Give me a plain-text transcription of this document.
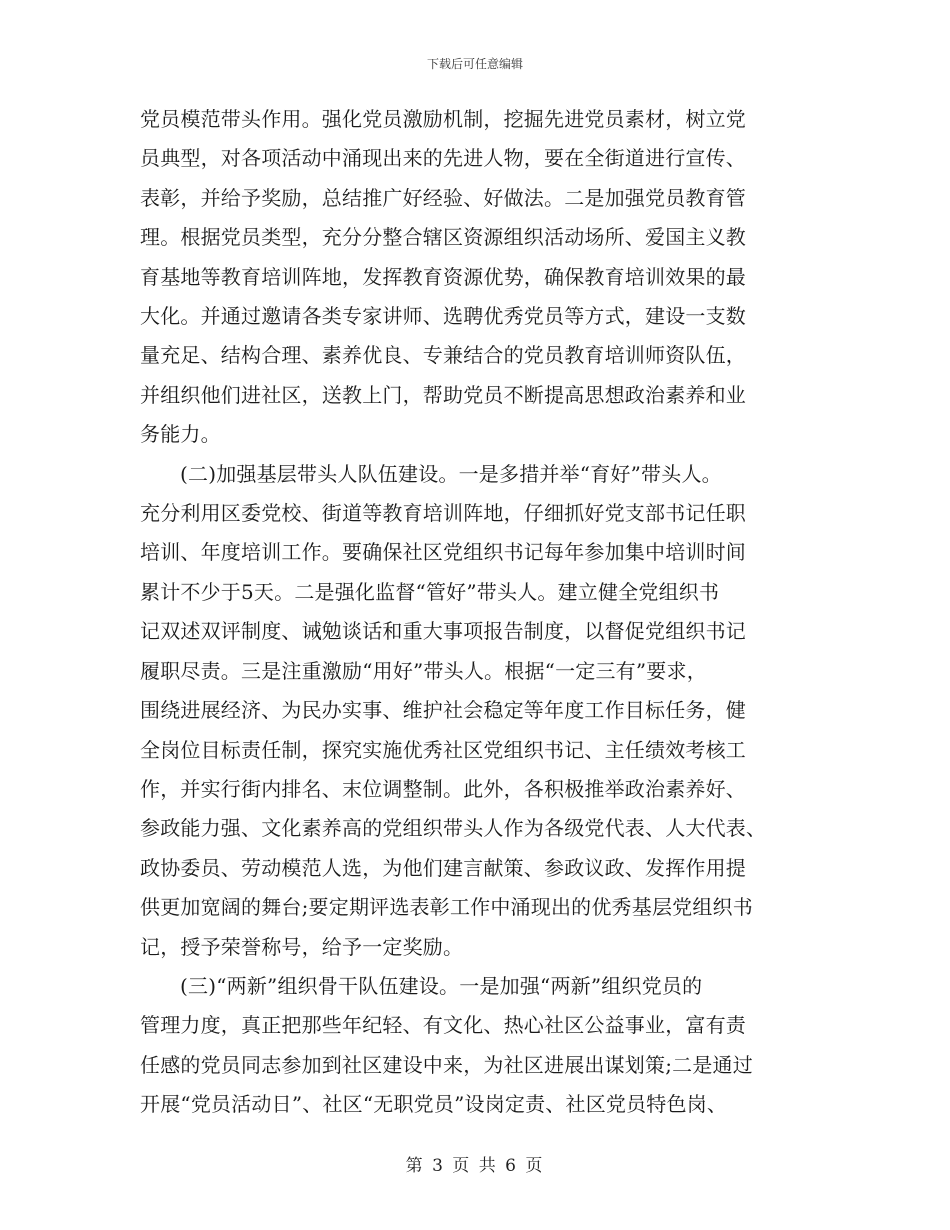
下载后可任意编辑

党员模范带头作用。强化党员激励机制，挖掘先进党员素材，树立党
员典型，对各项活动中涌现出来的先进人物，要在全街道进行宣传、
表彰，并给予奖励，总结推广好经验、好做法。二是加强党员教育管
理。根据党员类型，充分分整合辖区资源组织活动场所、爱国主义教
育基地等教育培训阵地，发挥教育资源优势，确保教育培训效果的最
大化。并通过邀请各类专家讲师、选聘优秀党员等方式，建设一支数
量充足、结构合理、素养优良、专兼结合的党员教育培训师资队伍，
并组织他们进社区，送教上门，帮助党员不断提高思想政治素养和业
务能力。

(二)加强基层带头人队伍建设。一是多措并举“育好”带头人。
充分利用区委党校、街道等教育培训阵地，仔细抓好党支部书记任职
培训、年度培训工作。要确保社区党组织书记每年参加集中培训时间
累计不少于5天。二是强化监督“管好”带头人。建立健全党组织书
记双述双评制度、诫勉谈话和重大事项报告制度，以督促党组织书记
履职尽责。三是注重激励“用好”带头人。根据“一定三有”要求，
围绕进展经济、为民办实事、维护社会稳定等年度工作目标任务，健
全岗位目标责任制，探究实施优秀社区党组织书记、主任绩效考核工
作，并实行街内排名、末位调整制。此外，各积极推举政治素养好、
参政能力强、文化素养高的党组织带头人作为各级党代表、人大代表、
政协委员、劳动模范人选，为他们建言献策、参政议政、发挥作用提
供更加宽阔的舞台;要定期评选表彰工作中涌现出的优秀基层党组织书
记，授予荣誉称号，给予一定奖励。

(三)“两新”组织骨干队伍建设。一是加强“两新”组织党员的
管理力度，真正把那些年纪轻、有文化、热心社区公益事业，富有责
任感的党员同志参加到社区建设中来，为社区进展出谋划策;二是通过
开展“党员活动日”、社区“无职党员”设岗定责、社区党员特色岗、

第 3 页 共 6 页
